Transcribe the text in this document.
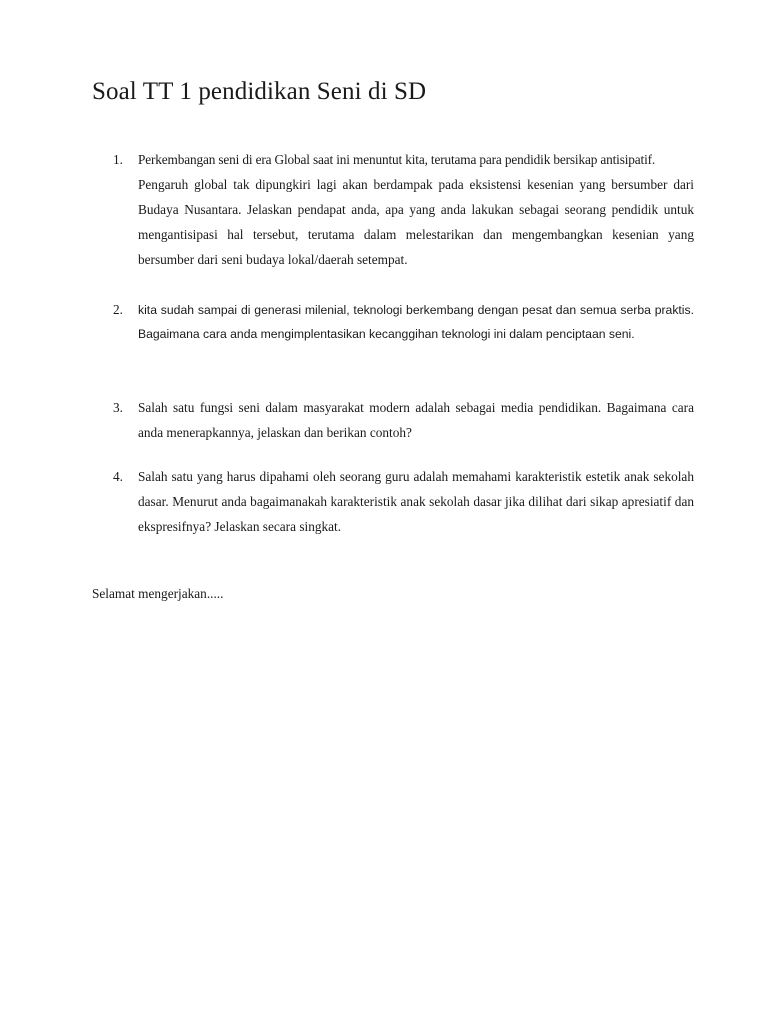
Soal TT 1 pendidikan Seni di SD
1. Perkembangan seni di era Global saat ini menuntut kita, terutama para pendidik bersikap antisipatif.
Pengaruh global tak dipungkiri lagi akan berdampak pada eksistensi kesenian yang bersumber dari Budaya Nusantara. Jelaskan pendapat anda, apa yang anda lakukan sebagai seorang pendidik untuk mengantisipasi hal tersebut, terutama dalam melestarikan dan mengembangkan kesenian yang bersumber dari seni budaya lokal/daerah setempat.

2. kita sudah sampai di generasi milenial, teknologi berkembang dengan pesat dan semua serba praktis. Bagaimana cara anda mengimplentasikan kecanggihan teknologi ini dalam penciptaan seni.

3. Salah satu fungsi seni dalam masyarakat modern adalah sebagai media pendidikan. Bagaimana cara anda menerapkannya, jelaskan dan berikan contoh?

4. Salah satu yang harus dipahami oleh seorang guru adalah memahami karakteristik estetik anak sekolah dasar. Menurut anda bagaimanakah karakteristik anak sekolah dasar jika dilihat dari sikap apresiatif dan ekspresifnya? Jelaskan secara singkat.

Selamat mengerjakan.....
